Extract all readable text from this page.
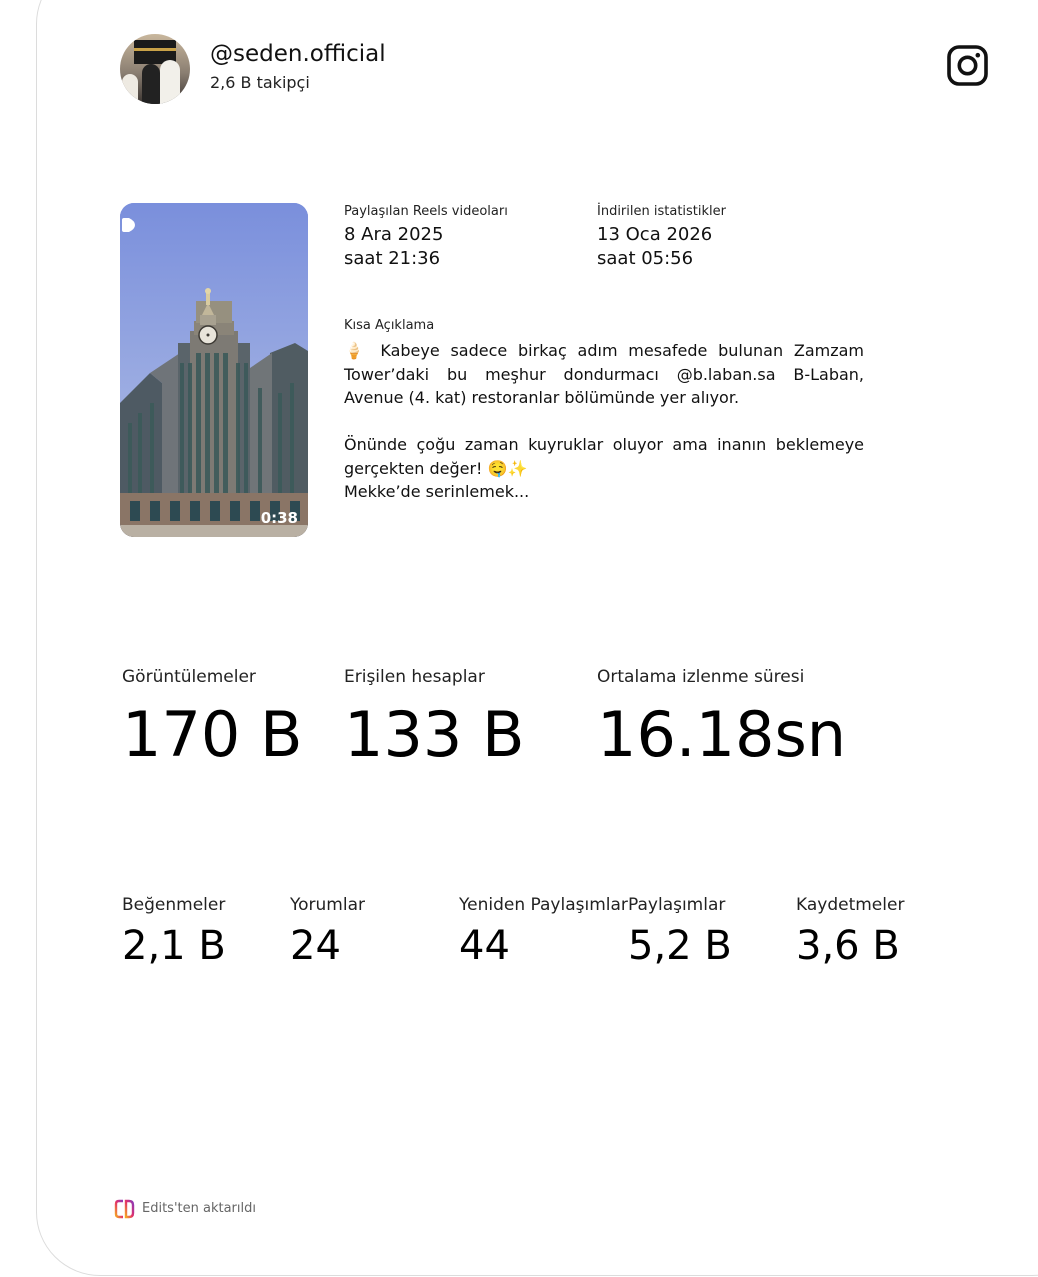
@seden.official
2,6 B takipçi
0:38
Paylaşılan Reels videoları
8 Ara 2025
saat 21:36
İndirilen istatistikler
13 Oca 2026
saat 05:56
Kısa Açıklama
🍦 Kabeye sadece birkaç adım mesafede bulunan Zamzam Tower’daki bu meşhur dondurmacı @b.laban.sa B-Laban, Avenue (4. kat) restoranlar bölümünde yer alıyor.

Önünde çoğu zaman kuyruklar oluyor ama inanın beklemeye gerçekten değer! 🤤✨
Mekke’de serinlemek...
Görüntülemeler
170 B
Erişilen hesaplar
133 B
Ortalama izlenme süresi
16.18sn
Beğenmeler
2,1 B
Yorumlar
24
Yeniden Paylaşımlar
44
Paylaşımlar
5,2 B
Kaydetmeler
3,6 B
Edits'ten aktarıldı
